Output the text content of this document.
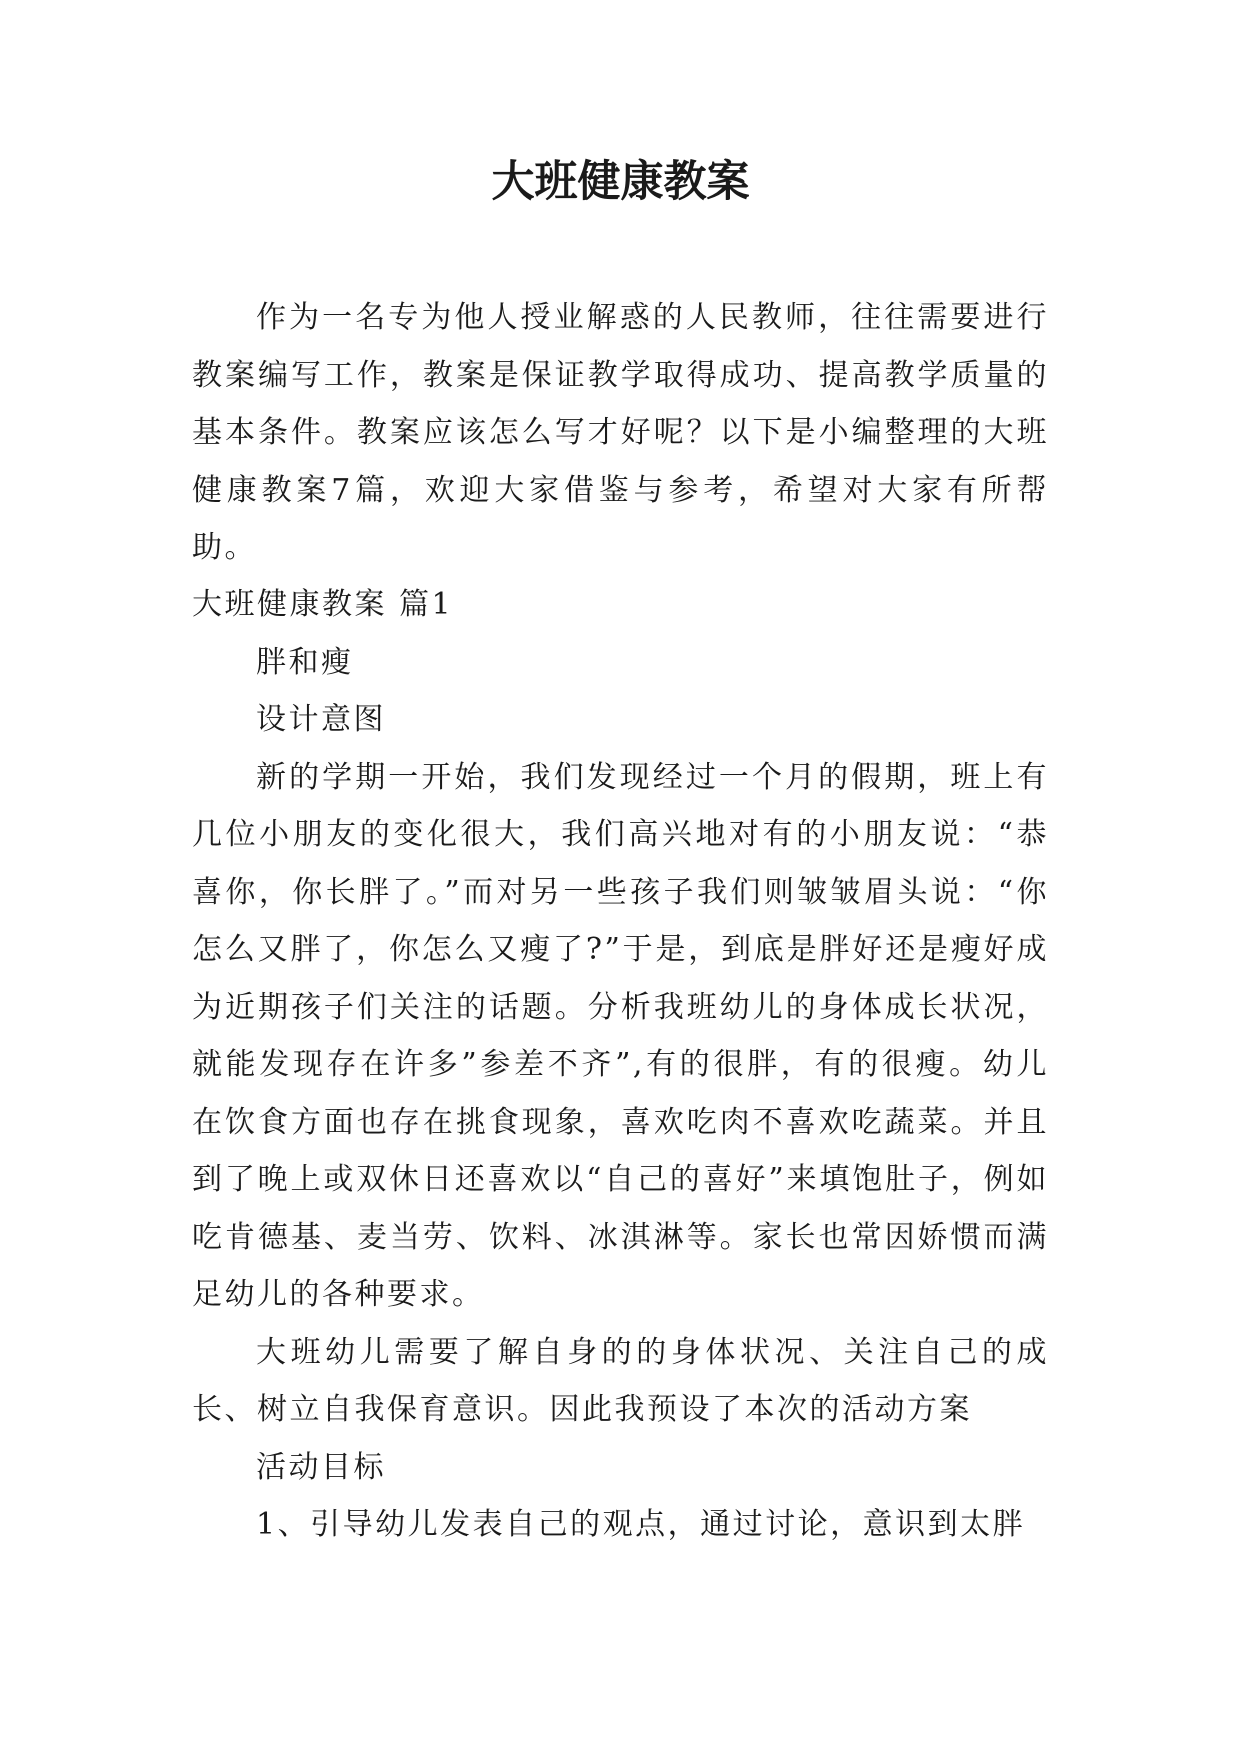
大班健康教案

作为一名专为他人授业解惑的人民教师，往往需要进行教案编写工作，教案是保证教学取得成功、提高教学质量的基本条件。教案应该怎么写才好呢？以下是小编整理的大班健康教案7篇，欢迎大家借鉴与参考，希望对大家有所帮助。

大班健康教案 篇1

胖和瘦

设计意图

新的学期一开始，我们发现经过一个月的假期，班上有几位小朋友的变化很大，我们高兴地对有的小朋友说：“恭喜你，你长胖了。”而对另一些孩子我们则皱皱眉头说：“你怎么又胖了，你怎么又瘦了?”于是，到底是胖好还是瘦好成为近期孩子们关注的话题。分析我班幼儿的身体成长状况，就能发现存在许多”参差不齐”,有的很胖，有的很瘦。幼儿在饮食方面也存在挑食现象，喜欢吃肉不喜欢吃蔬菜。并且到了晚上或双休日还喜欢以“自己的喜好”来填饱肚子，例如吃肯德基、麦当劳、饮料、冰淇淋等。家长也常因娇惯而满足幼儿的各种要求。

大班幼儿需要了解自身的的身体状况、关注自己的成长、树立自我保育意识。因此我预设了本次的活动方案

活动目标

1、引导幼儿发表自己的观点，通过讨论，意识到太胖
